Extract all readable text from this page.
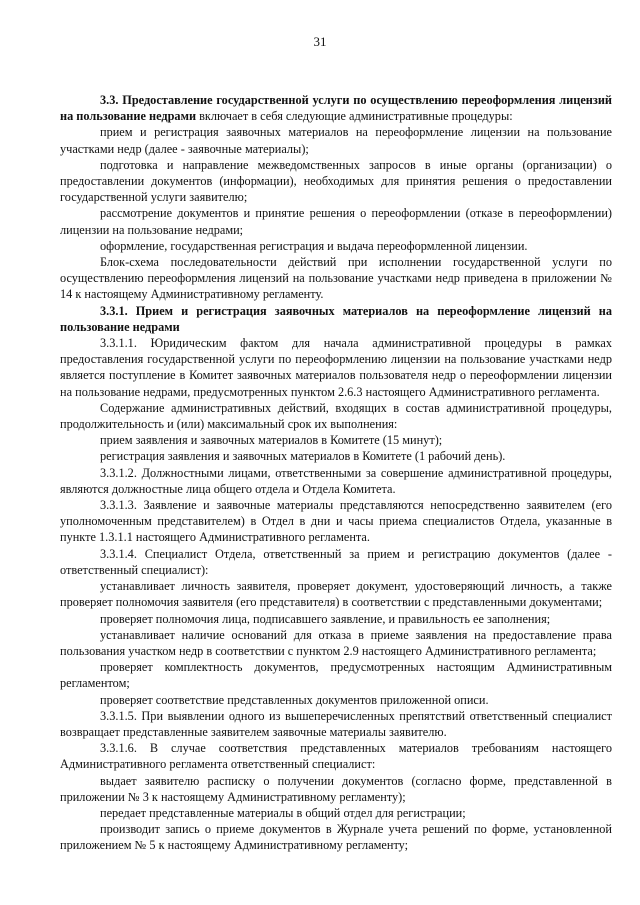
31

3.3. Предоставление государственной услуги по осуществлению переоформления лицензий на пользование недрами включает в себя следующие административные процедуры:

прием и регистрация заявочных материалов на переоформление лицензии на пользование участками недр (далее - заявочные материалы);

подготовка и направление межведомственных запросов в иные органы (организации) о предоставлении документов (информации), необходимых для принятия решения о предоставлении государственной услуги заявителю;

рассмотрение документов и принятие решения о переоформлении (отказе в переоформлении) лицензии на пользование недрами;

оформление, государственная регистрация и выдача переоформленной лицензии.

Блок-схема последовательности действий при исполнении государственной услуги по осуществлению переоформления лицензий на пользование участками недр приведена в приложении № 14 к настоящему Административному регламенту.

3.3.1. Прием и регистрация заявочных материалов на переоформление лицензий на пользование недрами

3.3.1.1. Юридическим фактом для начала административной процедуры в рамках предоставления государственной услуги по переоформлению лицензии на пользование участками недр является поступление в Комитет заявочных материалов пользователя недр о переоформлении лицензии на пользование недрами, предусмотренных пунктом 2.6.3 настоящего Административного регламента.

Содержание административных действий, входящих в состав административной процедуры, продолжительность и (или) максимальный срок их выполнения:

прием заявления и заявочных материалов в Комитете (15 минут);

регистрация заявления и заявочных материалов в Комитете (1 рабочий день).

3.3.1.2. Должностными лицами, ответственными за совершение административной процедуры, являются должностные лица общего отдела и Отдела Комитета.

3.3.1.3. Заявление и заявочные материалы представляются непосредственно заявителем (его уполномоченным представителем) в Отдел в дни и часы приема специалистов Отдела, указанные в пункте 1.3.1.1 настоящего Административного регламента.

3.3.1.4. Специалист Отдела, ответственный за прием и регистрацию документов (далее - ответственный специалист):

устанавливает личность заявителя, проверяет документ, удостоверяющий личность, а также проверяет полномочия заявителя (его представителя) в соответствии с представленными документами;

проверяет полномочия лица, подписавшего заявление, и правильность ее заполнения;

устанавливает наличие оснований для отказа в приеме заявления на предоставление права пользования участком недр в соответствии с пунктом 2.9 настоящего Административного регламента;

проверяет комплектность документов, предусмотренных настоящим Административным регламентом;

проверяет соответствие представленных документов приложенной описи.

3.3.1.5. При выявлении одного из вышеперечисленных препятствий ответственный специалист возвращает представленные заявителем заявочные материалы заявителю.

3.3.1.6. В случае соответствия представленных материалов требованиям настоящего Административного регламента ответственный специалист:

выдает заявителю расписку о получении документов (согласно форме, представленной в приложении № 3 к настоящему Административному регламенту);

передает представленные материалы в общий отдел для регистрации;

производит запись о приеме документов в Журнале учета решений по форме, установленной приложением № 5 к настоящему Административному регламенту;
